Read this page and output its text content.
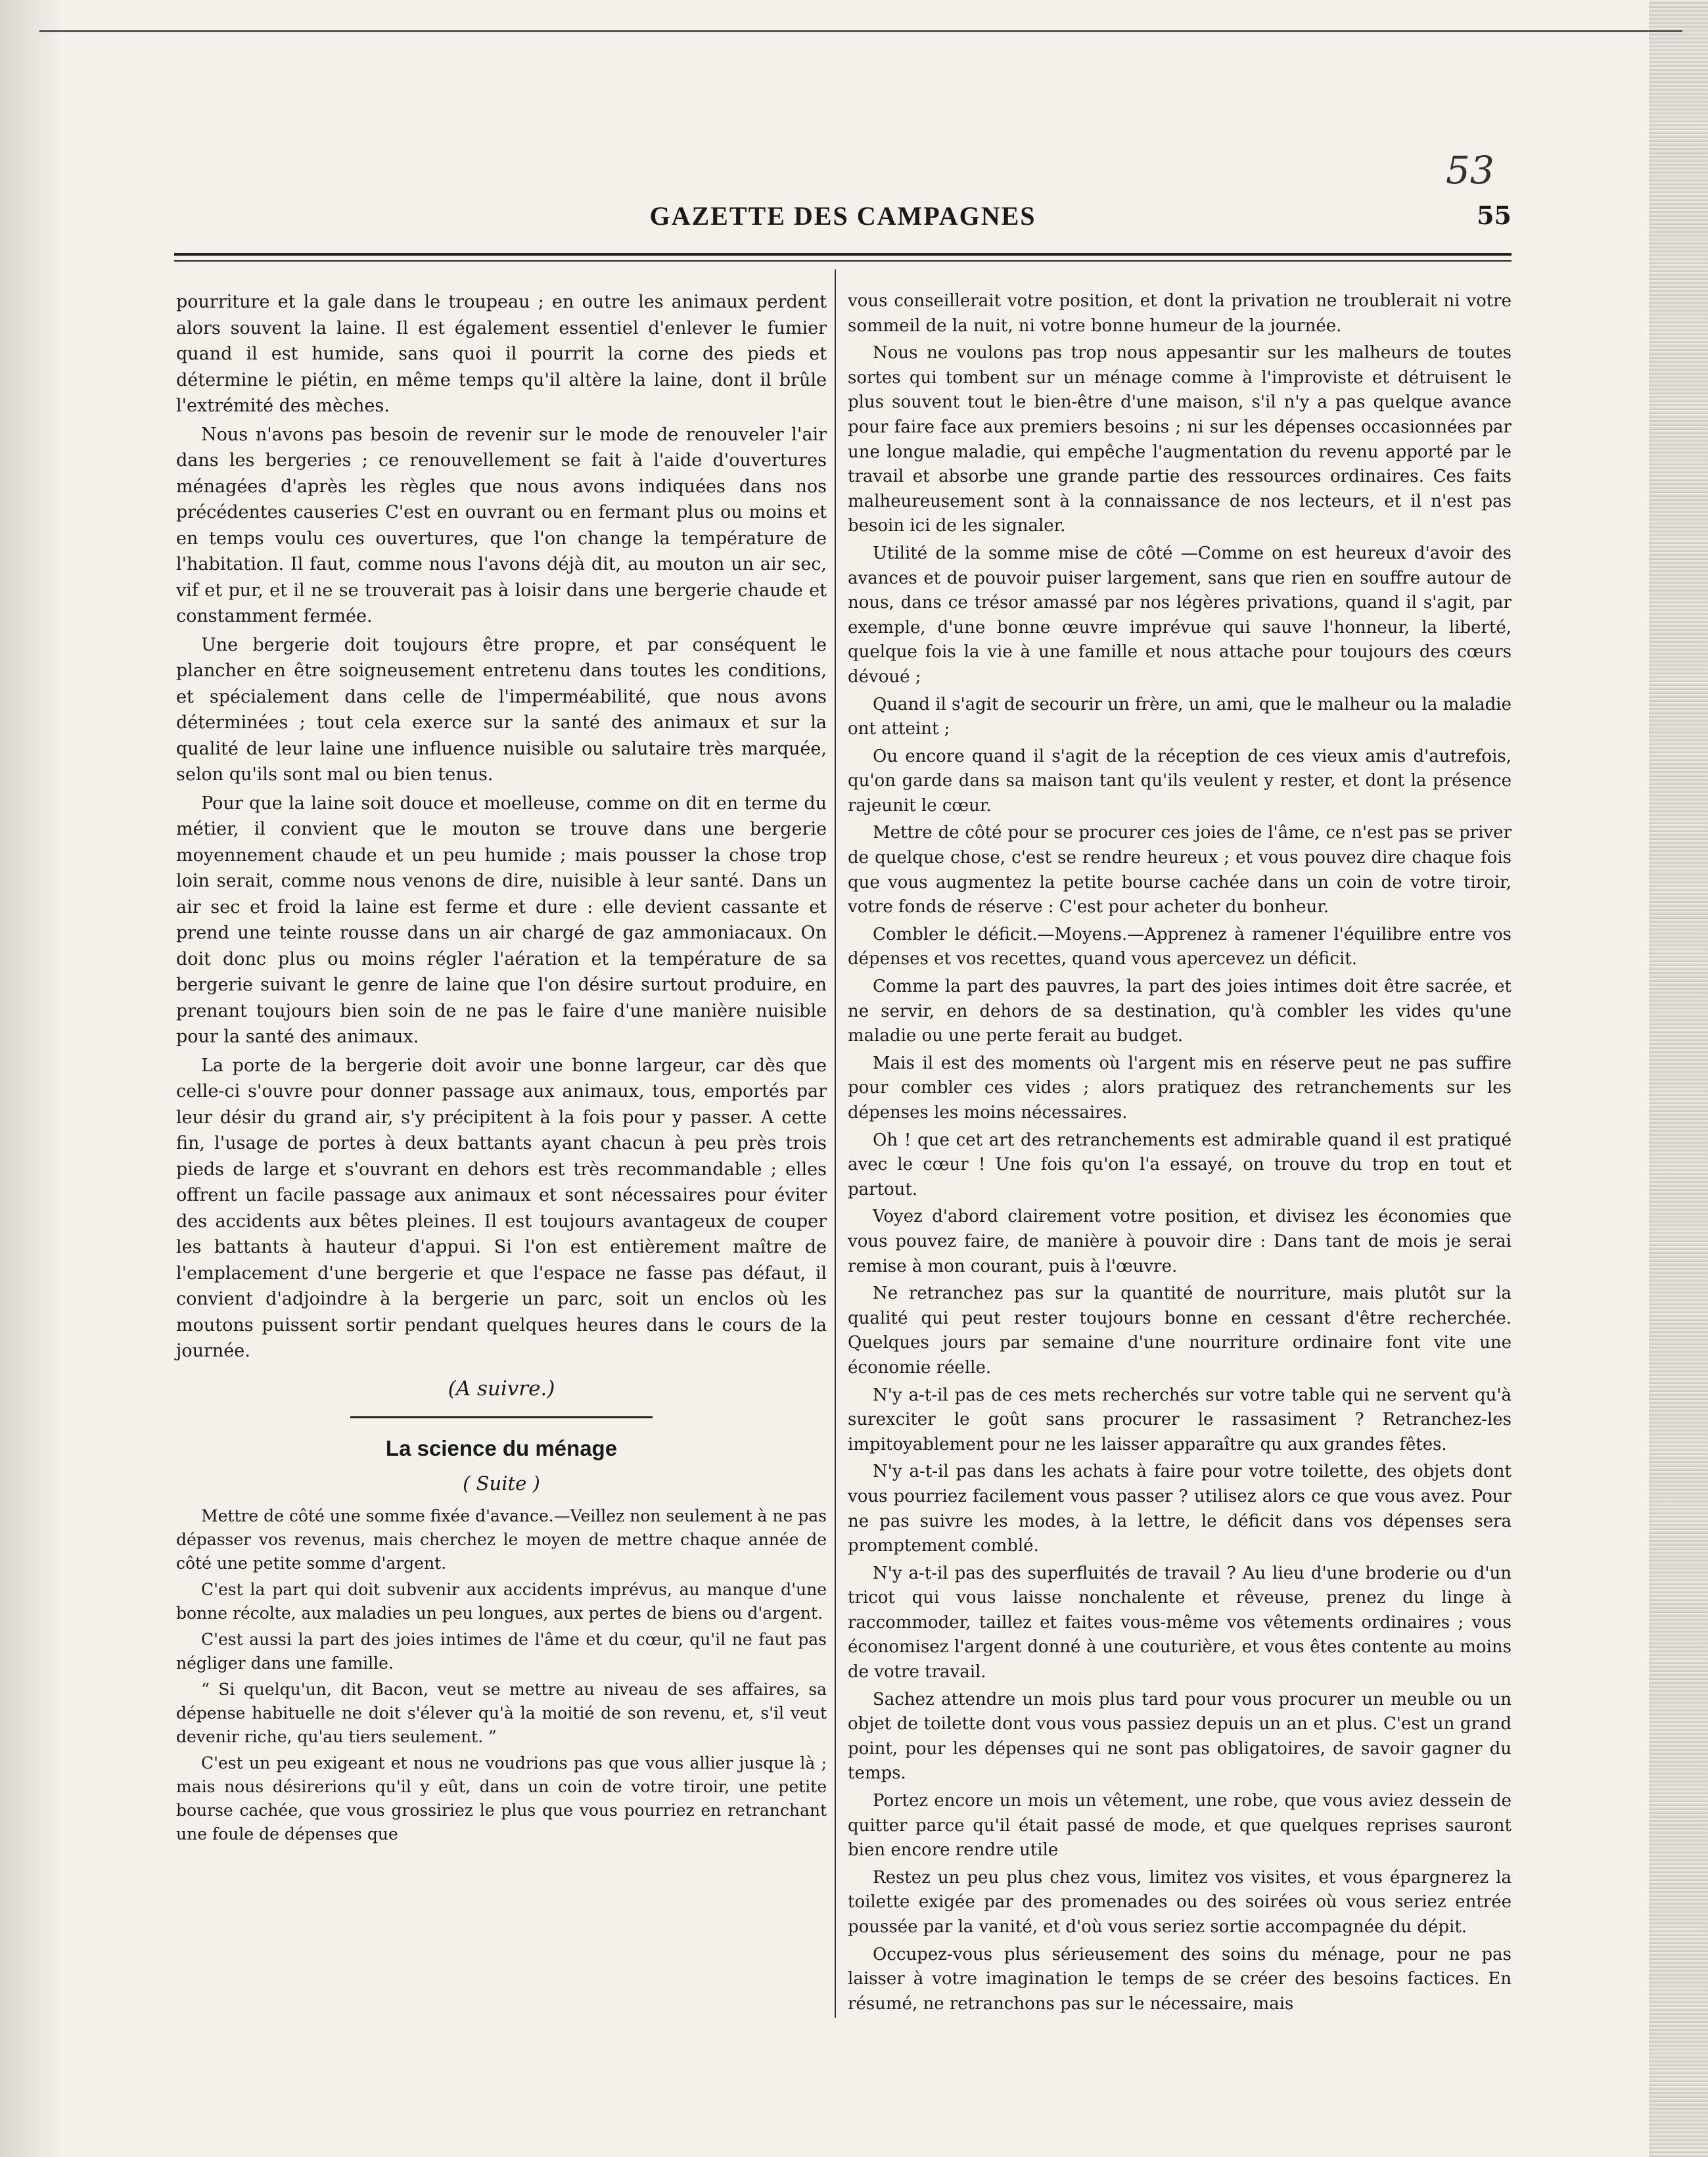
53
GAZETTE DES CAMPAGNES	55

pourriture et la gale dans le troupeau ; en outre les animaux perdent alors souvent la laine. Il est également essentiel d'enlever le fumier quand il est humide, sans quoi il pourrit la corne des pieds et détermine le piétin, en même temps qu'il altère la laine, dont il brûle l'extrémité des mèches.

Nous n'avons pas besoin de revenir sur le mode de renouveler l'air dans les bergeries ; ce renouvellement se fait à l'aide d'ouvertures ménagées d'après les règles que nous avons indiquées dans nos précédentes causeries C'est en ouvrant ou en fermant plus ou moins et en temps voulu ces ouvertures, que l'on change la température de l'habitation. Il faut, comme nous l'avons déjà dit, au mouton un air sec, vif et pur, et il ne se trouverait pas à loisir dans une bergerie chaude et constamment fermée.

Une bergerie doit toujours être propre, et par conséquent le plancher en être soigneusement entretenu dans toutes les conditions, et spécialement dans celle de l'imperméabilité, que nous avons déterminées ; tout cela exerce sur la santé des animaux et sur la qualité de leur laine une influence nuisible ou salutaire très marquée, selon qu'ils sont mal ou bien tenus.

Pour que la laine soit douce et moelleuse, comme on dit en terme du métier, il convient que le mouton se trouve dans une bergerie moyennement chaude et un peu humide ; mais pousser la chose trop loin serait, comme nous venons de dire, nuisible à leur santé. Dans un air sec et froid la laine est ferme et dure : elle devient cassante et prend une teinte rousse dans un air chargé de gaz ammoniacaux. On doit donc plus ou moins régler l'aération et la température de sa bergerie suivant le genre de laine que l'on désire surtout produire, en prenant toujours bien soin de ne pas le faire d'une manière nuisible pour la santé des animaux.

La porte de la bergerie doit avoir une bonne largeur, car dès que celle-ci s'ouvre pour donner passage aux animaux, tous, emportés par leur désir du grand air, s'y précipitent à la fois pour y passer. A cette fin, l'usage de portes à deux battants ayant chacun à peu près trois pieds de large et s'ouvrant en dehors est très recommandable ; elles offrent un facile passage aux animaux et sont nécessaires pour éviter des accidents aux bêtes pleines. Il est toujours avantageux de couper les battants à hauteur d'appui. Si l'on est entièrement maître de l'emplacement d'une bergerie et que l'espace ne fasse pas défaut, il convient d'adjoindre à la bergerie un parc, soit un enclos où les moutons puissent sortir pendant quelques heures dans le cours de la journée.

(A suivre.)

La science du ménage

( Suite )

Mettre de côté une somme fixée d'avance.—Veillez non seulement à ne pas dépasser vos revenus, mais cherchez le moyen de mettre chaque année de côté une petite somme d'argent.

C'est la part qui doit subvenir aux accidents imprévus, au manque d'une bonne récolte, aux maladies un peu longues, aux pertes de biens ou d'argent.

C'est aussi la part des joies intimes de l'âme et du cœur, qu'il ne faut pas négliger dans une famille.

“ Si quelqu'un, dit Bacon, veut se mettre au niveau de ses affaires, sa dépense habituelle ne doit s'élever qu'à la moitié de son revenu, et, s'il veut devenir riche, qu'au tiers seulement. ”

C'est un peu exigeant et nous ne voudrions pas que vous allier jusque là ; mais nous désirerions qu'il y eût, dans un coin de votre tiroir, une petite bourse cachée, que vous grossiriez le plus que vous pourriez en retranchant une foule de dépenses que

vous conseillerait votre position, et dont la privation ne troublerait ni votre sommeil de la nuit, ni votre bonne humeur de la journée.

Nous ne voulons pas trop nous appesantir sur les malheurs de toutes sortes qui tombent sur un ménage comme à l'improviste et détruisent le plus souvent tout le bien-être d'une maison, s'il n'y a pas quelque avance pour faire face aux premiers besoins ; ni sur les dépenses occasionnées par une longue maladie, qui empêche l'augmentation du revenu apporté par le travail et absorbe une grande partie des ressources ordinaires. Ces faits malheureusement sont à la connaissance de nos lecteurs, et il n'est pas besoin ici de les signaler.

Utilité de la somme mise de côté —Comme on est heureux d'avoir des avances et de pouvoir puiser largement, sans que rien en souffre autour de nous, dans ce trésor amassé par nos légères privations, quand il s'agit, par exemple, d'une bonne œuvre imprévue qui sauve l'honneur, la liberté, quelque fois la vie à une famille et nous attache pour toujours des cœurs dévoué ;

Quand il s'agit de secourir un frère, un ami, que le malheur ou la maladie ont atteint ;

Ou encore quand il s'agit de la réception de ces vieux amis d'autrefois, qu'on garde dans sa maison tant qu'ils veulent y rester, et dont la présence rajeunit le cœur.

Mettre de côté pour se procurer ces joies de l'âme, ce n'est pas se priver de quelque chose, c'est se rendre heureux ; et vous pouvez dire chaque fois que vous augmentez la petite bourse cachée dans un coin de votre tiroir, votre fonds de réserve : C'est pour acheter du bonheur.

Combler le déficit.—Moyens.—Apprenez à ramener l'équilibre entre vos dépenses et vos recettes, quand vous apercevez un déficit.

Comme la part des pauvres, la part des joies intimes doit être sacrée, et ne servir, en dehors de sa destination, qu'à combler les vides qu'une maladie ou une perte ferait au budget.

Mais il est des moments où l'argent mis en réserve peut ne pas suffire pour combler ces vides ; alors pratiquez des retranchements sur les dépenses les moins nécessaires.

Oh ! que cet art des retranchements est admirable quand il est pratiqué avec le cœur ! Une fois qu'on l'a essayé, on trouve du trop en tout et partout.

Voyez d'abord clairement votre position, et divisez les économies que vous pouvez faire, de manière à pouvoir dire : Dans tant de mois je serai remise à mon courant, puis à l'œuvre.

Ne retranchez pas sur la quantité de nourriture, mais plutôt sur la qualité qui peut rester toujours bonne en cessant d'être recherchée. Quelques jours par semaine d'une nourriture ordinaire font vite une économie réelle.

N'y a-t-il pas de ces mets recherchés sur votre table qui ne servent qu'à surexciter le goût sans procurer le rassasiment ? Retranchez-les impitoyablement pour ne les laisser apparaître qu aux grandes fêtes.

N'y a-t-il pas dans les achats à faire pour votre toilette, des objets dont vous pourriez facilement vous passer ? utilisez alors ce que vous avez. Pour ne pas suivre les modes, à la lettre, le déficit dans vos dépenses sera promptement comblé.

N'y a-t-il pas des superfluités de travail ? Au lieu d'une broderie ou d'un tricot qui vous laisse nonchalente et rêveuse, prenez du linge à raccommoder, taillez et faites vous-même vos vêtements ordinaires ; vous économisez l'argent donné à une couturière, et vous êtes contente au moins de votre travail.

Sachez attendre un mois plus tard pour vous procurer un meuble ou un objet de toilette dont vous vous passiez depuis un an et plus. C'est un grand point, pour les dépenses qui ne sont pas obligatoires, de savoir gagner du temps.

Portez encore un mois un vêtement, une robe, que vous aviez dessein de quitter parce qu'il était passé de mode, et que quelques reprises sauront bien encore rendre utile

Restez un peu plus chez vous, limitez vos visites, et vous épargnerez la toilette exigée par des promenades ou des soirées où vous seriez entrée poussée par la vanité, et d'où vous seriez sortie accompagnée du dépit.

Occupez-vous plus sérieusement des soins du ménage, pour ne pas laisser à votre imagination le temps de se créer des besoins factices. En résumé, ne retranchons pas sur le nécessaire, mais
